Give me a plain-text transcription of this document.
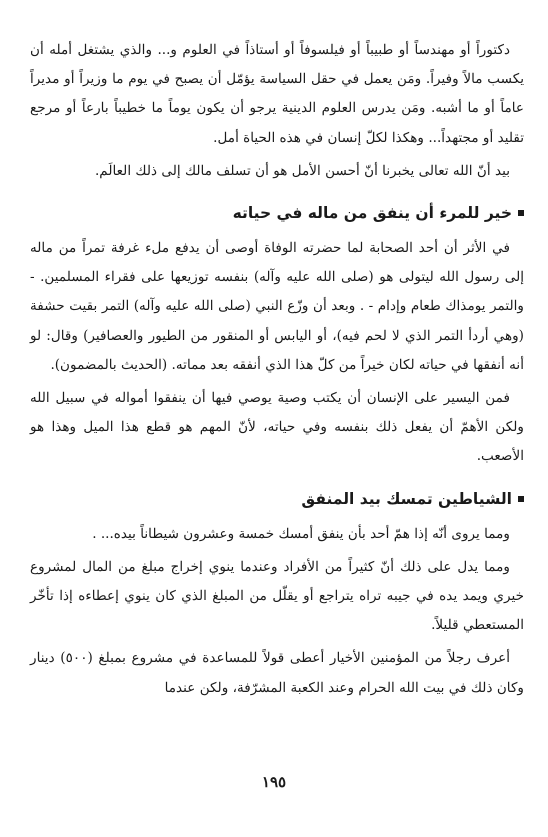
دكتوراً أو مهندساً أو طبيباً أو فيلسوفاً أو أستاذاً في العلوم و... والذي يشتغل أمله أن يكسب مالاً وفيراً. ومَن يعمل في حقل السياسة يؤمّل أن يصبح في يوم ما وزيراً أو مديراً عاماً أو ما أشبه. ومَن يدرس العلوم الدينية يرجو أن يكون يوماً ما خطيباً بارعاً أو مرجع تقليد أو مجتهداً... وهكذا لكلّ إنسان في هذه الحياة أمل.

بيد أنّ الله تعالى يخبرنا أنّ أحسن الأمل هو أن تسلف مالك إلى ذلك العالَم.

خير للمرء أن ينفق من ماله في حياته

في الأثر أن أحد الصحابة لما حضرته الوفاة أوصى أن يدفع ملء غرفة تمراً من ماله إلى رسول الله ليتولى هو (صلى الله عليه وآله) بنفسه توزيعها على فقراء المسلمين. - والتمر يومذاك طعام وإدام - . وبعد أن وزّع النبي (صلى الله عليه وآله) التمر بقيت حشفة (وهي أردأ التمر الذي لا لحم فيه)، أو اليابس أو المنقور من الطيور والعصافير) وقال: لو أنه أنفقها في حياته لكان خيراً من كلّ هذا الذي أنفقه بعد مماته. (الحديث بالمضمون).

فمن اليسير على الإنسان أن يكتب وصية يوصي فيها أن ينفقوا أمواله في سبيل الله ولكن الأهمّ أن يفعل ذلك بنفسه وفي حياته، لأنّ المهم هو قطع هذا الميل وهذا هو الأصعب.

الشياطين تمسك بيد المنفق

ومما يروى أنّه إذا همّ أحد بأن ينفق أمسك خمسة وعشرون شيطاناً بيده... .

ومما يدل على ذلك أنّ كثيراً من الأفراد وعندما ينوي إخراج مبلغ من المال لمشروع خيري ويمد يده في جيبه تراه يتراجع أو يقلّل من المبلغ الذي كان ينوي إعطاءه إذا تأخّر المستعطي قليلاً.

أعرف رجلاً من المؤمنين الأخيار أعطى قولاً للمساعدة في مشروع بمبلغ (٥٠٠) دينار وكان ذلك في بيت الله الحرام وعند الكعبة المشرّفة، ولكن عندما

١٩٥
